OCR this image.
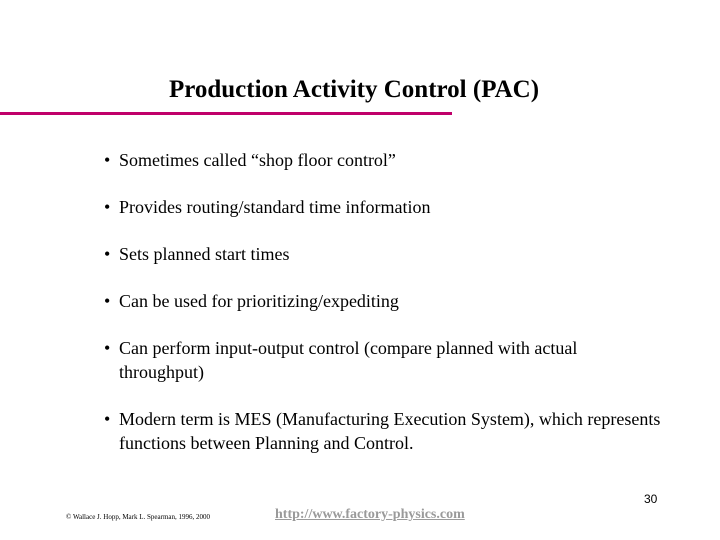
Production Activity Control (PAC)
• Sometimes called “shop floor control”
• Provides routing/standard time information
• Sets planned start times
• Can be used for prioritizing/expediting
• Can perform input-output control (compare planned with actual throughput)
• Modern term is MES (Manufacturing Execution System), which represents functions between Planning and Control.
© Wallace J. Hopp, Mark L. Spearman, 1996, 2000	http://www.factory-physics.com
30
